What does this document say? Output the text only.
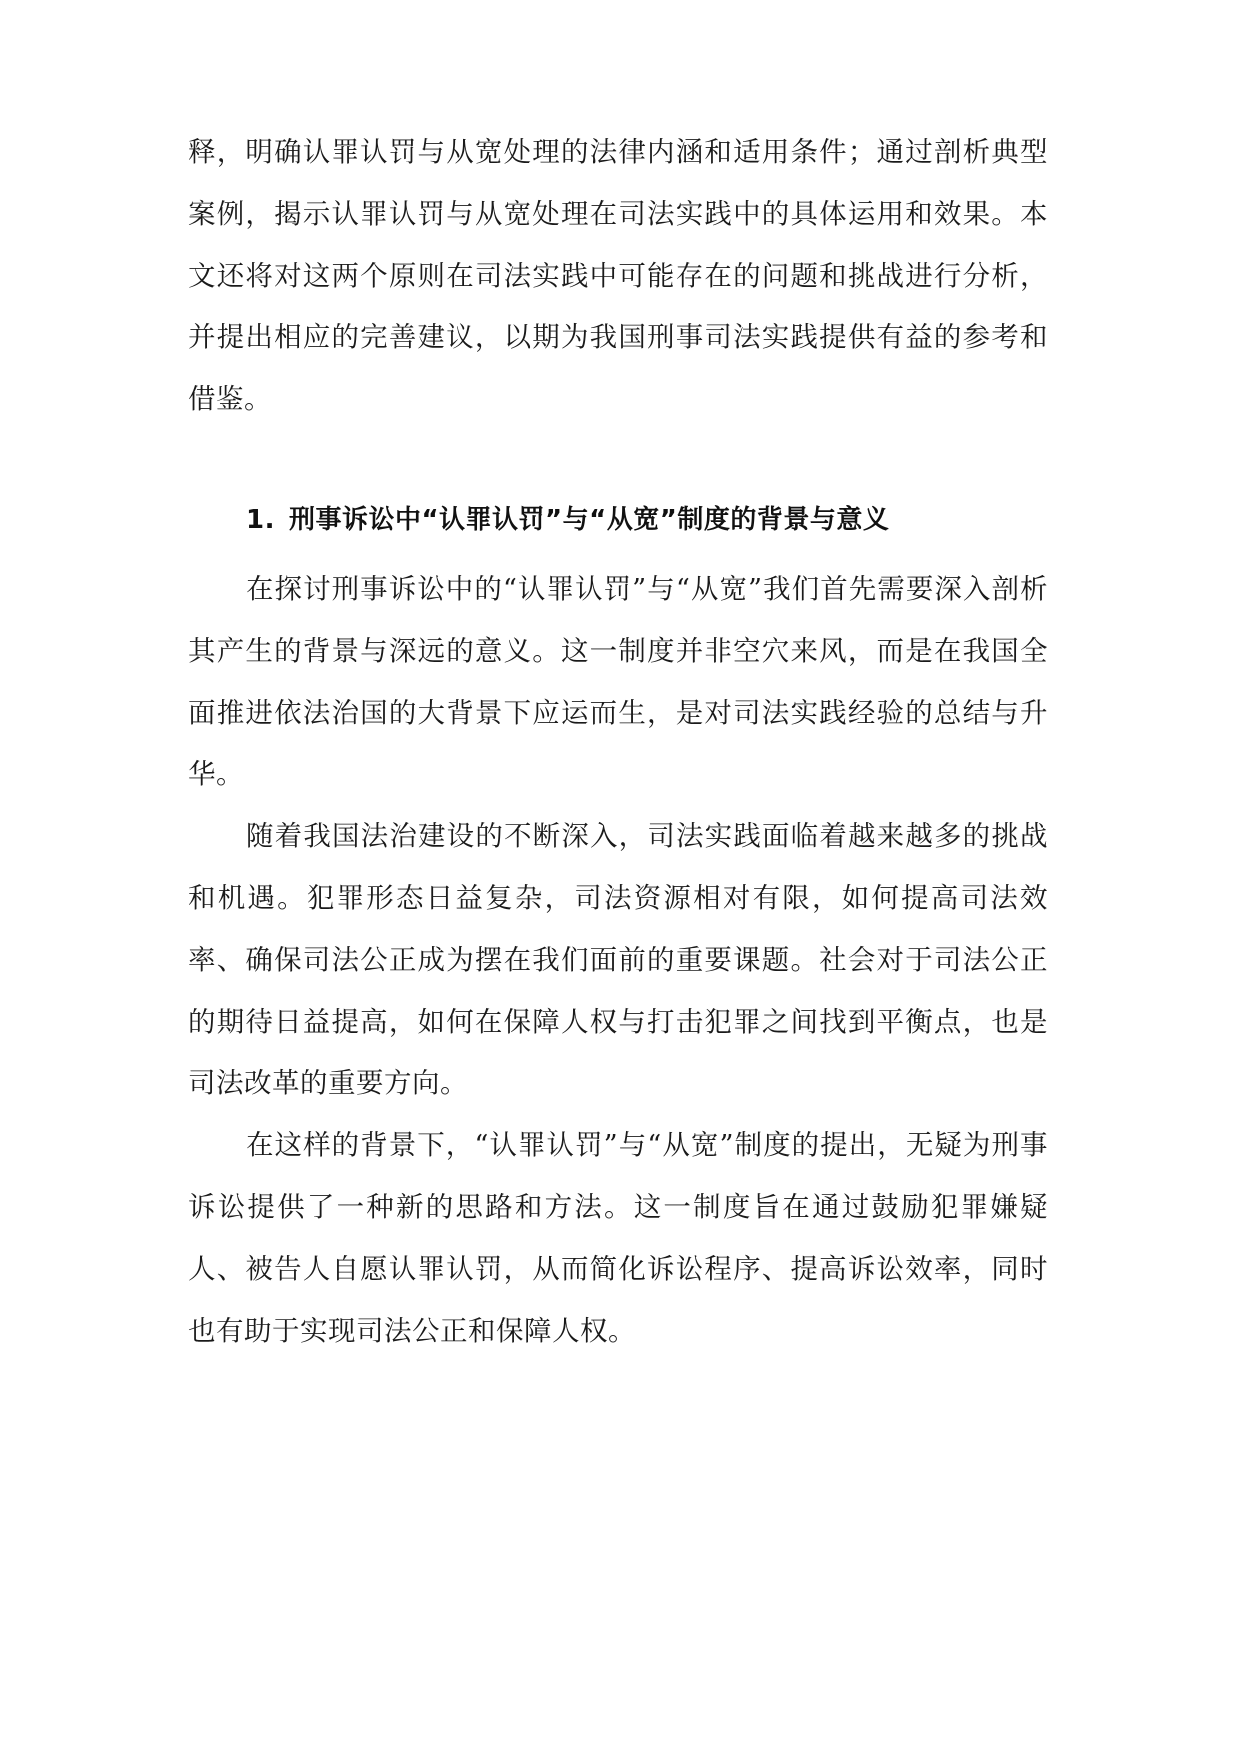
释，明确认罪认罚与从宽处理的法律内涵和适用条件；通过剖析典型案例，揭示认罪认罚与从宽处理在司法实践中的具体运用和效果。本文还将对这两个原则在司法实践中可能存在的问题和挑战进行分析，并提出相应的完善建议，以期为我国刑事司法实践提供有益的参考和借鉴。

1. 刑事诉讼中“认罪认罚”与“从宽”制度的背景与意义

在探讨刑事诉讼中的“认罪认罚”与“从宽”我们首先需要深入剖析其产生的背景与深远的意义。这一制度并非空穴来风，而是在我国全面推进依法治国的大背景下应运而生，是对司法实践经验的总结与升华。

随着我国法治建设的不断深入，司法实践面临着越来越多的挑战和机遇。犯罪形态日益复杂，司法资源相对有限，如何提高司法效率、确保司法公正成为摆在我们面前的重要课题。社会对于司法公正的期待日益提高，如何在保障人权与打击犯罪之间找到平衡点，也是司法改革的重要方向。

在这样的背景下，“认罪认罚”与“从宽”制度的提出，无疑为刑事诉讼提供了一种新的思路和方法。这一制度旨在通过鼓励犯罪嫌疑人、被告人自愿认罪认罚，从而简化诉讼程序、提高诉讼效率，同时也有助于实现司法公正和保障人权。
